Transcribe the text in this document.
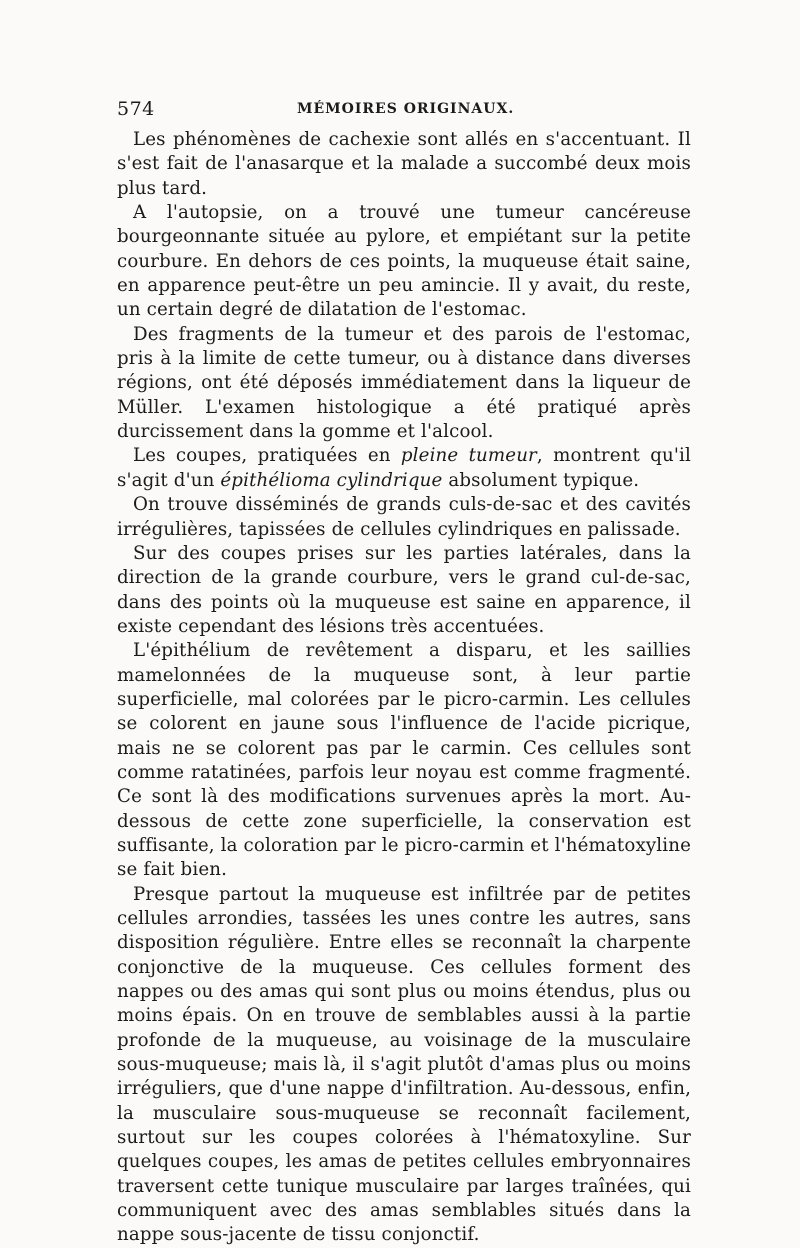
574	MÉMOIRES ORIGINAUX.

Les phénomènes de cachexie sont allés en s'accentuant. Il s'est fait de l'anasarque et la malade a succombé deux mois plus tard.

A l'autopsie, on a trouvé une tumeur cancéreuse bourgeonnante située au pylore, et empiétant sur la petite courbure. En dehors de ces points, la muqueuse était saine, en apparence peut-être un peu amincie. Il y avait, du reste, un certain degré de dilatation de l'estomac.

Des fragments de la tumeur et des parois de l'estomac, pris à la limite de cette tumeur, ou à distance dans diverses régions, ont été déposés immédiatement dans la liqueur de Müller. L'examen histologique a été pratiqué après durcissement dans la gomme et l'alcool.

Les coupes, pratiquées en pleine tumeur, montrent qu'il s'agit d'un épithélioma cylindrique absolument typique.

On trouve disséminés de grands culs-de-sac et des cavités irrégulières, tapissées de cellules cylindriques en palissade.

Sur des coupes prises sur les parties latérales, dans la direction de la grande courbure, vers le grand cul-de-sac, dans des points où la muqueuse est saine en apparence, il existe cependant des lésions très accentuées.

L'épithélium de revêtement a disparu, et les saillies mamelonnées de la muqueuse sont, à leur partie superficielle, mal colorées par le picro-carmin. Les cellules se colorent en jaune sous l'influence de l'acide picrique, mais ne se colorent pas par le carmin. Ces cellules sont comme ratatinées, parfois leur noyau est comme fragmenté. Ce sont là des modifications survenues après la mort. Au-dessous de cette zone superficielle, la conservation est suffisante, la coloration par le picro-carmin et l'hématoxyline se fait bien.

Presque partout la muqueuse est infiltrée par de petites cellules arrondies, tassées les unes contre les autres, sans disposition régulière. Entre elles se reconnaît la charpente conjonctive de la muqueuse. Ces cellules forment des nappes ou des amas qui sont plus ou moins étendus, plus ou moins épais. On en trouve de semblables aussi à la partie profonde de la muqueuse, au voisinage de la musculaire sous-muqueuse; mais là, il s'agit plutôt d'amas plus ou moins irréguliers, que d'une nappe d'infiltration. Au-dessous, enfin, la musculaire sous-muqueuse se reconnaît facilement, surtout sur les coupes colorées à l'hématoxyline. Sur quelques coupes, les amas de petites cellules embryonnaires traversent cette tunique musculaire par larges traînées, qui communiquent avec des amas semblables situés dans la nappe sous-jacente de tissu conjonctif.
